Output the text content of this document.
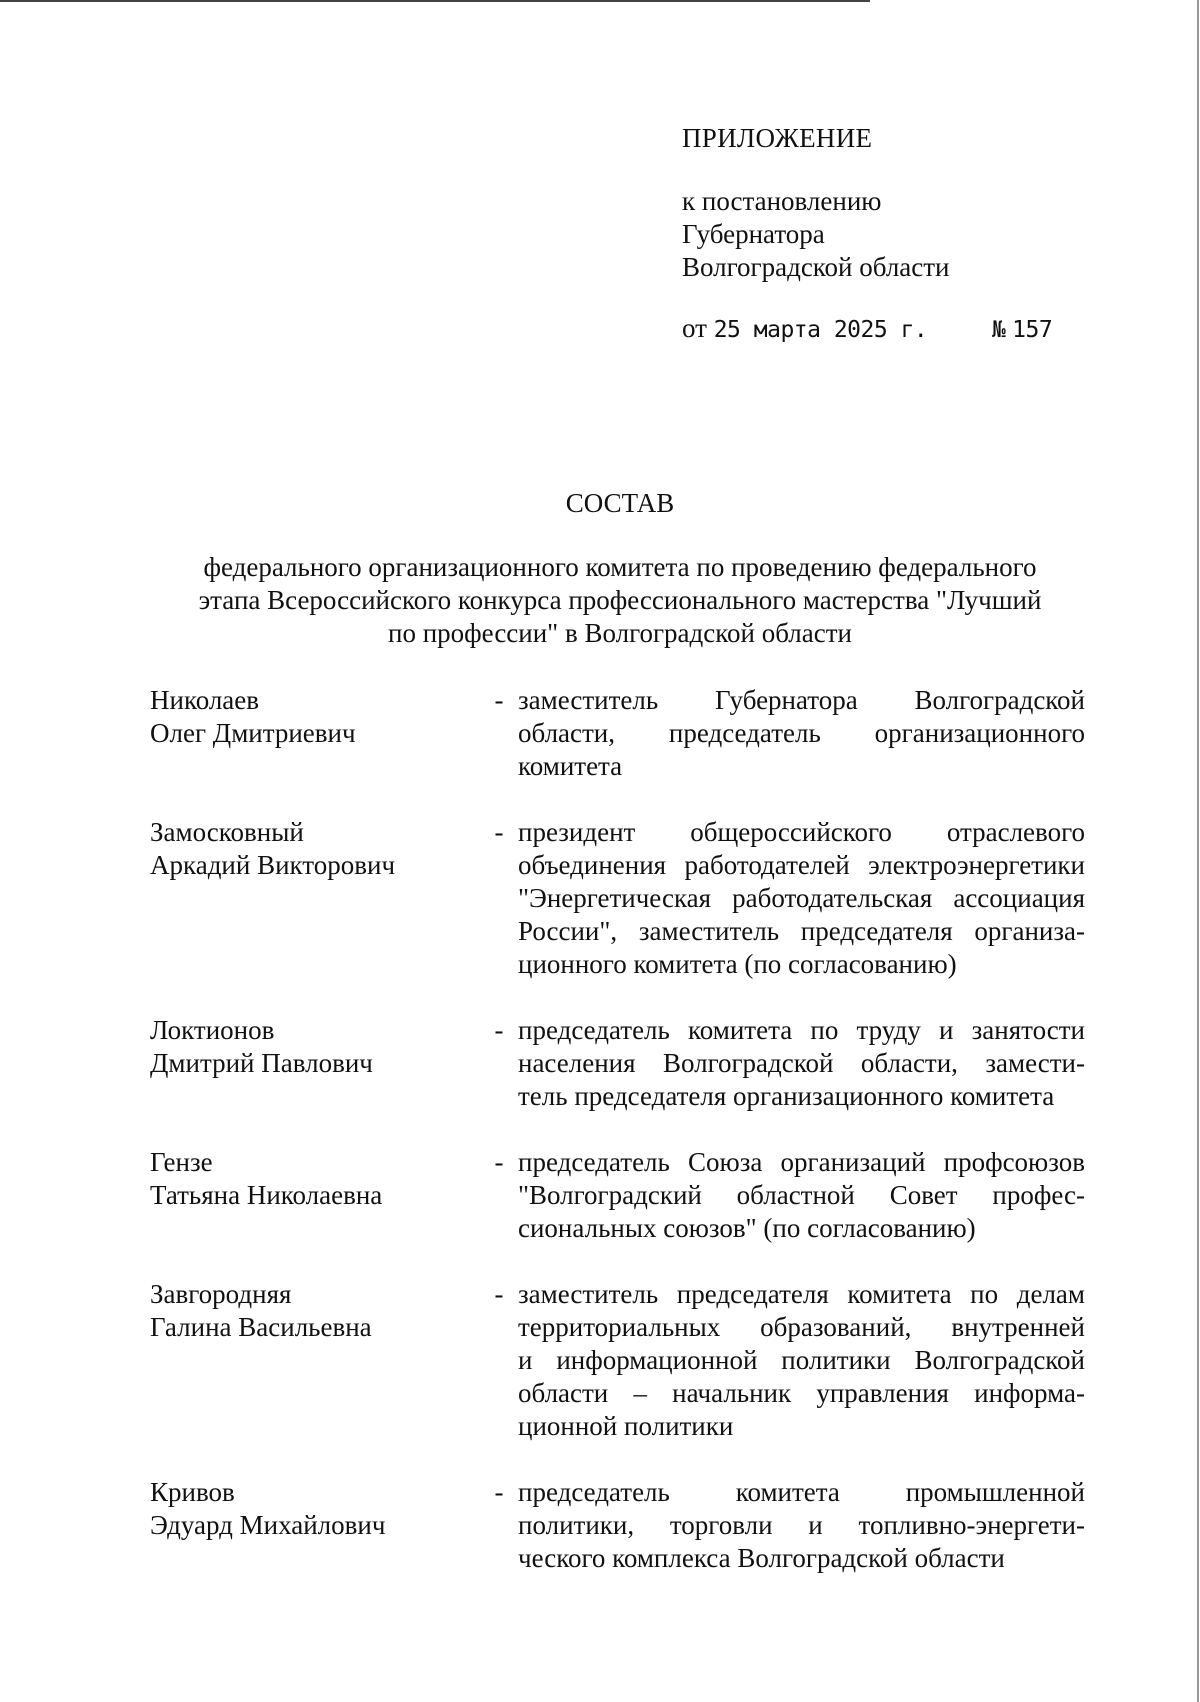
ПРИЛОЖЕНИЕ
к постановлению
Губернатора
Волгоградской области
от 25 марта 2025 г.	№ 157
СОСТАВ
федерального организационного комитета по проведению федерального
этапа Всероссийского конкурса профессионального мастерства "Лучший
по профессии" в Волгоградской области
Николаев
Олег Дмитриевич
- заместитель Губернатора Волгоградской
области, председатель организационного
комитета
Замосковный
Аркадий Викторович
- президент общероссийского отраслевого
объединения работодателей электроэнергетики
"Энергетическая работодательская ассоциация
России", заместитель председателя организа-
ционного комитета (по согласованию)
Локтионов
Дмитрий Павлович
- председатель комитета по труду и занятости
населения Волгоградской области, замести-
тель председателя организационного комитета
Гензе
Татьяна Николаевна
- председатель Союза организаций профсоюзов
"Волгоградский областной Совет профес-
сиональных союзов" (по согласованию)
Завгородняя
Галина Васильевна
- заместитель председателя комитета по делам
территориальных образований, внутренней
и информационной политики Волгоградской
области – начальник управления информа-
ционной политики
Кривов
Эдуард Михайлович
- председатель комитета промышленной
политики, торговли и топливно-энергети-
ческого комплекса Волгоградской области
